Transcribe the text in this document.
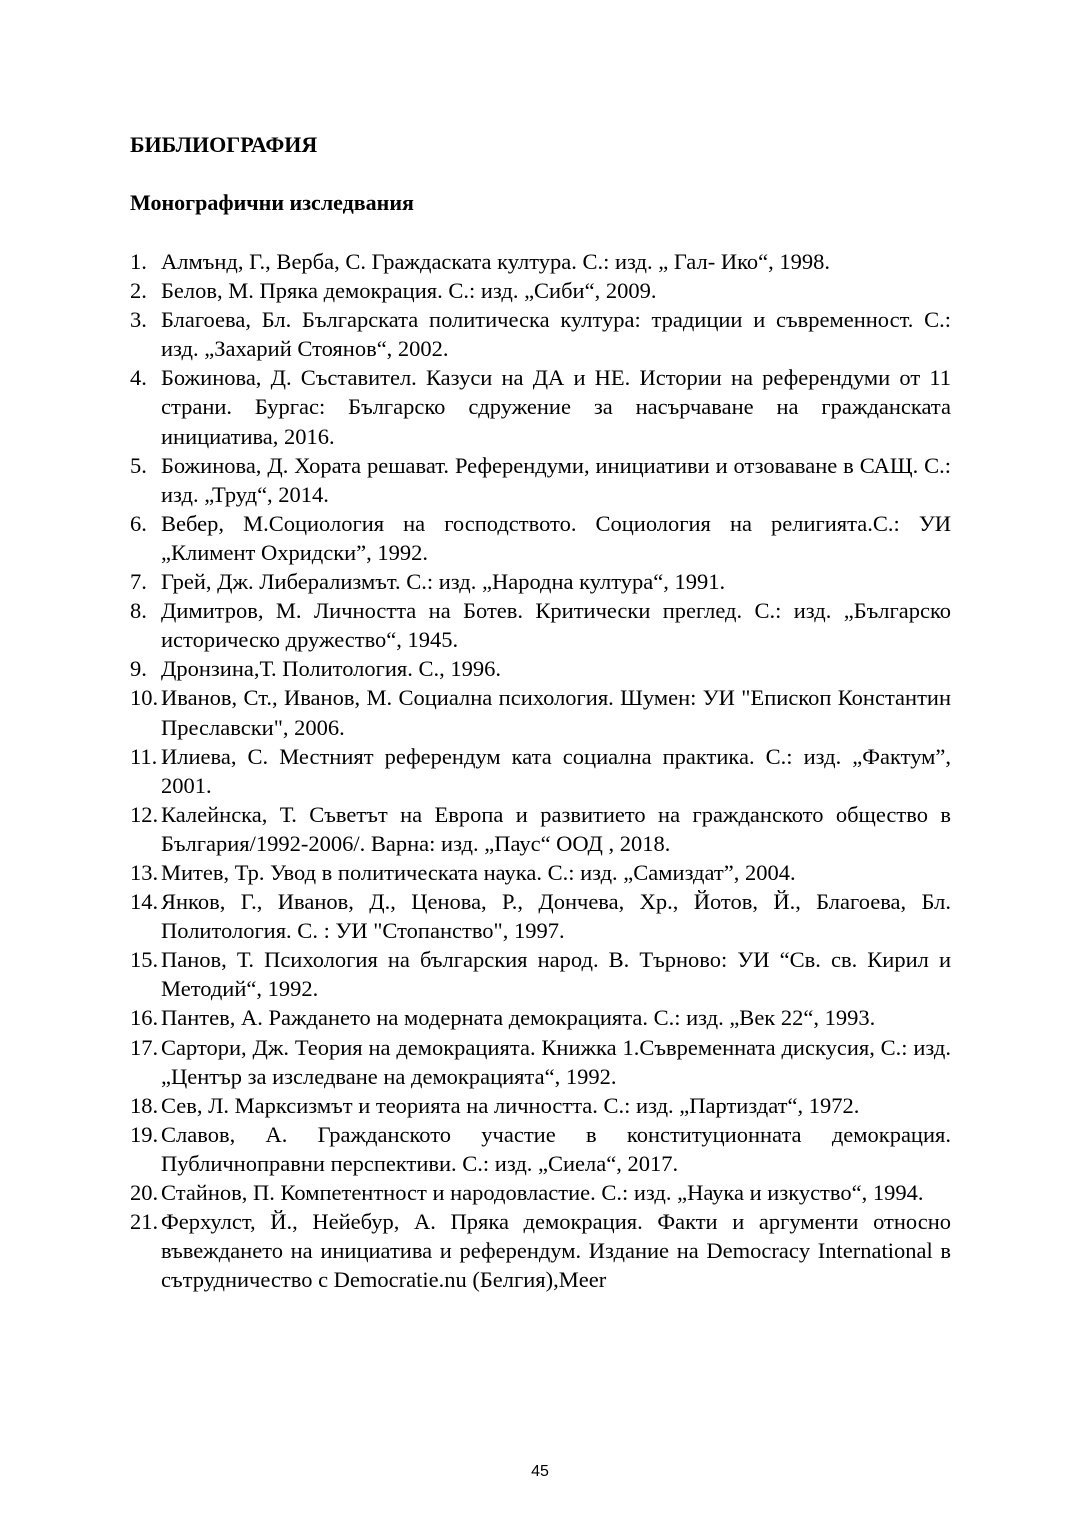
БИБЛИОГРАФИЯ
Монографични изследвания
1. Алмънд, Г., Верба, С. Граждаската култура. С.: изд. „ Гал- Ико“, 1998.
2. Белов, М. Пряка демокрация. С.: изд. „Сиби“, 2009.
3. Благоева, Бл. Българската политическа култура: традиции и съвременност. С.: изд. „Захарий Стоянов“, 2002.
4. Божинова, Д. Съставител. Казуси на ДА и НЕ. Истории на референдуми от 11 страни. Бургас: Българско сдружение за насърчаване на гражданската инициатива, 2016.
5. Божинова, Д. Хората решават. Референдуми, инициативи и отзоваване в САЩ. С.: изд. „Труд“, 2014.
6. Вебер, М.Социология на господството. Социология на религията.С.: УИ „Климент Охридски”, 1992.
7. Грей, Дж. Либерализмът. С.: изд. „Народна култура“, 1991.
8. Димитров, М. Личността на Ботев. Критически преглед. С.: изд. „Българско историческо дружество“, 1945.
9. Дронзина,Т. Политология. С., 1996.
10. Иванов, Ст., Иванов, М. Социална психология. Шумен: УИ "Епископ Константин Преславски", 2006.
11. Илиева, С. Местният референдум ката социална практика. С.: изд. „Фактум”, 2001.
12. Калейнска, Т. Съветът на Европа и развитието на гражданското общество в България/1992-2006/. Варна: изд. „Паус“ ООД , 2018.
13. Митев, Тр. Увод в политическата наука. С.: изд. „Самиздат”, 2004.
14. Янков, Г., Иванов, Д., Ценова, Р., Дончева, Хр., Йотов, Й., Благоева, Бл. Политология. С. : УИ "Стопанство", 1997.
15. Панов, Т. Психология на българския народ. В. Търново: УИ “Св. св. Кирил и Методий“, 1992.
16. Пантев, А. Раждането на модерната демокрацията. С.: изд. „Век 22“, 1993.
17. Сартори, Дж. Теория на демокрацията. Книжка 1.Съвременната дискусия, С.: изд. „Център за изследване на демокрацията“, 1992.
18. Сев, Л. Марксизмът и теорията на личността. С.: изд. „Партиздат“, 1972.
19. Славов, А. Гражданското участие в конституционната демокрация. Публичноправни перспективи. С.: изд. „Сиела“, 2017.
20. Стайнов, П. Компетентност и народовластие. С.: изд. „Наука и изкуство“, 1994.
21. Ферхулст, Й., Нейебур, А. Пряка демокрация. Факти и аргументи относно въвеждането на инициатива и референдум. Издание на Democracy International в сътрудничество с Democratie.nu (Белгия),Meer
45
